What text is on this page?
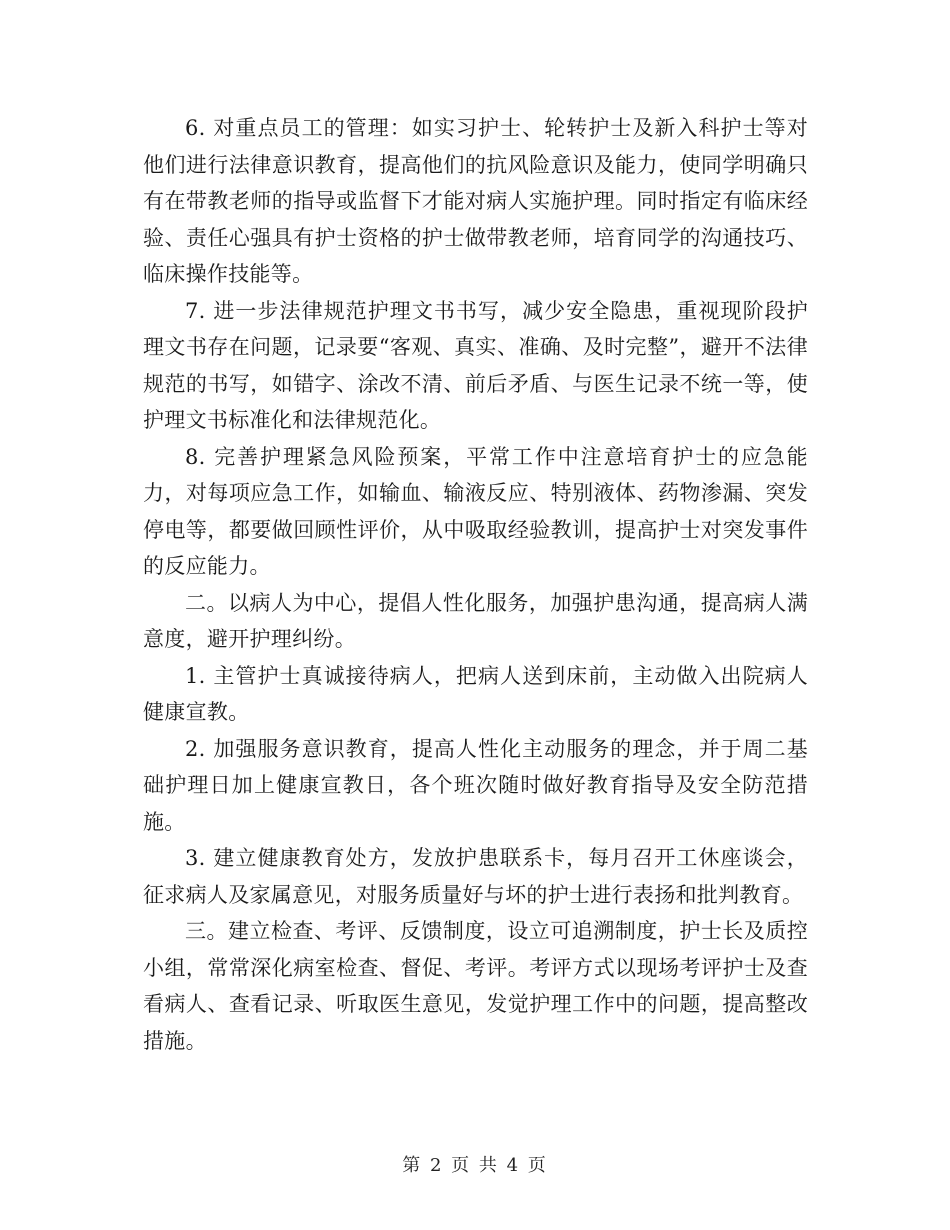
6. 对重点员工的管理：如实习护士、轮转护士及新入科护士等对他们进行法律意识教育，提高他们的抗风险意识及能力，使同学明确只有在带教老师的指导或监督下才能对病人实施护理。同时指定有临床经验、责任心强具有护士资格的护士做带教老师，培育同学的沟通技巧、临床操作技能等。

7. 进一步法律规范护理文书书写，减少安全隐患，重视现阶段护理文书存在问题，记录要“客观、真实、准确、及时完整”，避开不法律规范的书写，如错字、涂改不清、前后矛盾、与医生记录不统一等，使护理文书标准化和法律规范化。

8. 完善护理紧急风险预案，平常工作中注意培育护士的应急能力，对每项应急工作，如输血、输液反应、特别液体、药物渗漏、突发停电等，都要做回顾性评价，从中吸取经验教训，提高护士对突发事件的反应能力。

二。以病人为中心，提倡人性化服务，加强护患沟通，提高病人满意度，避开护理纠纷。

1. 主管护士真诚接待病人，把病人送到床前，主动做入出院病人健康宣教。

2. 加强服务意识教育，提高人性化主动服务的理念，并于周二基础护理日加上健康宣教日，各个班次随时做好教育指导及安全防范措施。

3. 建立健康教育处方，发放护患联系卡，每月召开工休座谈会，征求病人及家属意见，对服务质量好与坏的护士进行表扬和批判教育。

三。建立检查、考评、反馈制度，设立可追溯制度，护士长及质控小组，常常深化病室检查、督促、考评。考评方式以现场考评护士及查看病人、查看记录、听取医生意见，发觉护理工作中的问题，提高整改措施。

第 2 页 共 4 页
